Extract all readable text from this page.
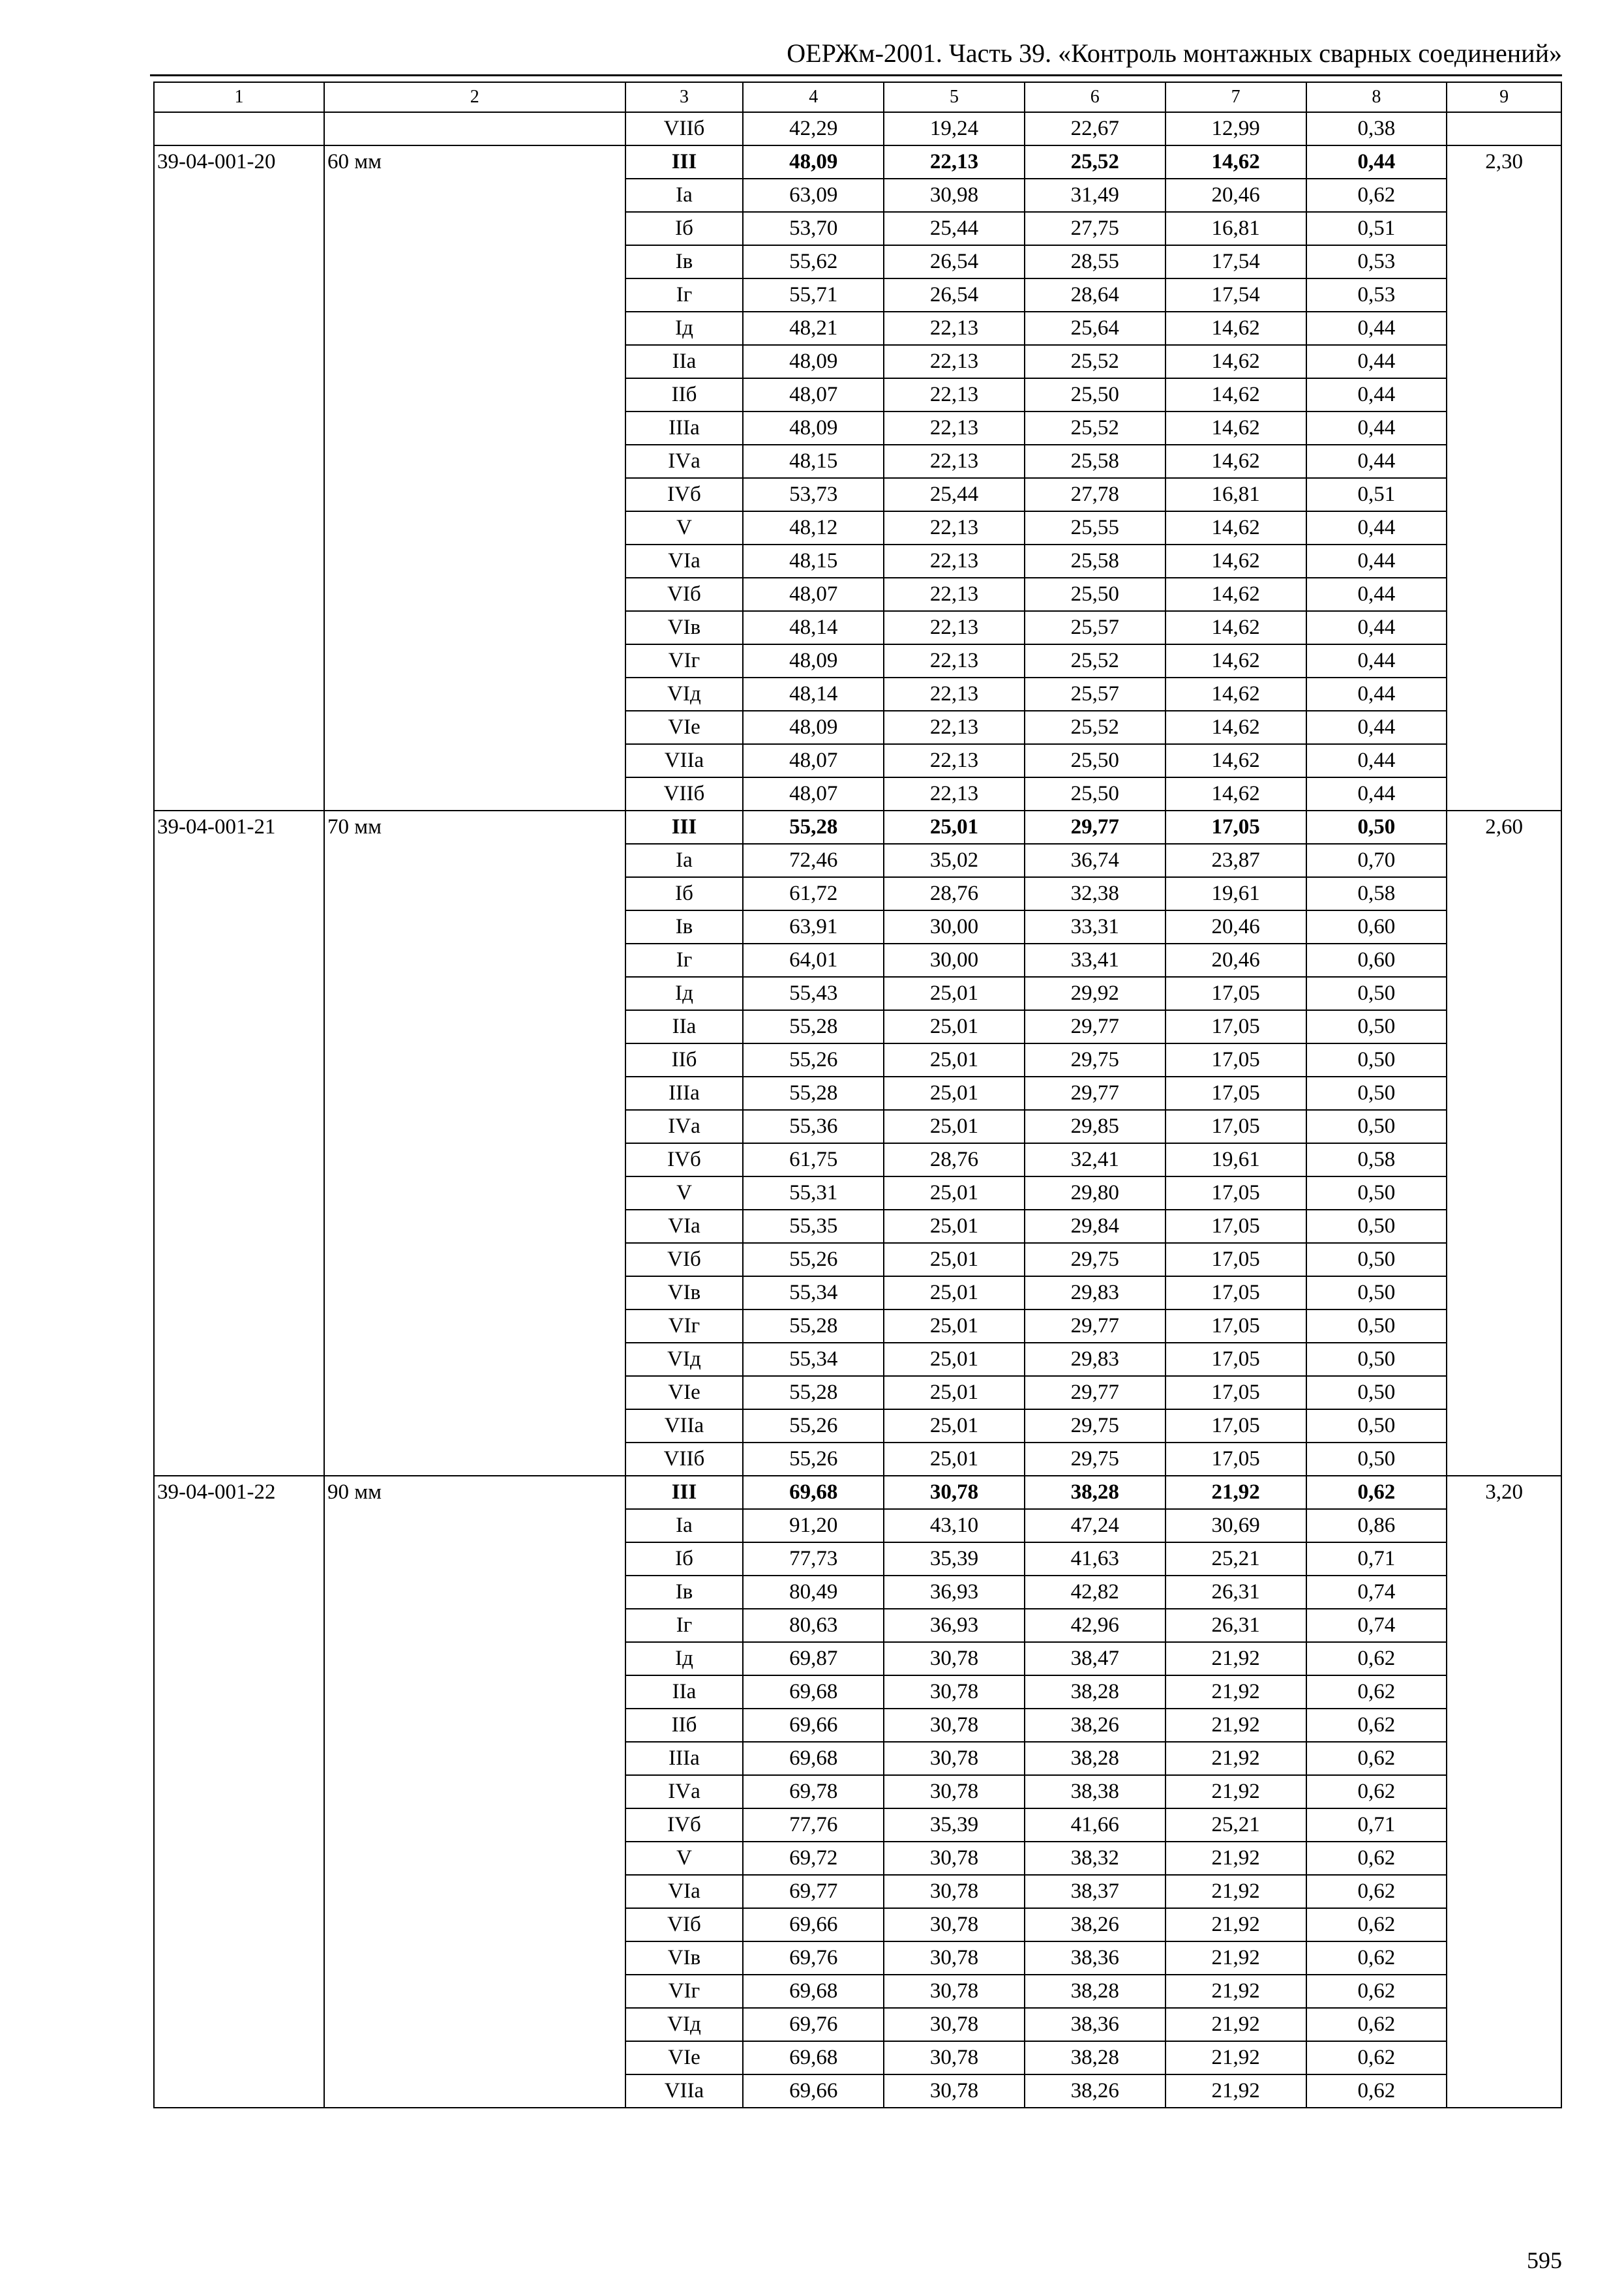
ОЕРЖм-2001. Часть 39. «Контроль монтажных сварных соединений»
1	2	3	4	5	6	7	8	9
		VIIб	42,29	19,24	22,67	12,99	0,38	
39-04-001-20	60 мм	III	48,09	22,13	25,52	14,62	0,44	2,30
		Iа	63,09	30,98	31,49	20,46	0,62	
		Iб	53,70	25,44	27,75	16,81	0,51	
		Iв	55,62	26,54	28,55	17,54	0,53	
		Iг	55,71	26,54	28,64	17,54	0,53	
		Iд	48,21	22,13	25,64	14,62	0,44	
		IIа	48,09	22,13	25,52	14,62	0,44	
		IIб	48,07	22,13	25,50	14,62	0,44	
		IIIа	48,09	22,13	25,52	14,62	0,44	
		IVа	48,15	22,13	25,58	14,62	0,44	
		IVб	53,73	25,44	27,78	16,81	0,51	
		V	48,12	22,13	25,55	14,62	0,44	
		VIа	48,15	22,13	25,58	14,62	0,44	
		VIб	48,07	22,13	25,50	14,62	0,44	
		VIв	48,14	22,13	25,57	14,62	0,44	
		VIг	48,09	22,13	25,52	14,62	0,44	
		VIд	48,14	22,13	25,57	14,62	0,44	
		VIе	48,09	22,13	25,52	14,62	0,44	
		VIIа	48,07	22,13	25,50	14,62	0,44	
		VIIб	48,07	22,13	25,50	14,62	0,44	
39-04-001-21	70 мм	III	55,28	25,01	29,77	17,05	0,50	2,60
		Iа	72,46	35,02	36,74	23,87	0,70	
		Iб	61,72	28,76	32,38	19,61	0,58	
		Iв	63,91	30,00	33,31	20,46	0,60	
		Iг	64,01	30,00	33,41	20,46	0,60	
		Iд	55,43	25,01	29,92	17,05	0,50	
		IIа	55,28	25,01	29,77	17,05	0,50	
		IIб	55,26	25,01	29,75	17,05	0,50	
		IIIа	55,28	25,01	29,77	17,05	0,50	
		IVа	55,36	25,01	29,85	17,05	0,50	
		IVб	61,75	28,76	32,41	19,61	0,58	
		V	55,31	25,01	29,80	17,05	0,50	
		VIа	55,35	25,01	29,84	17,05	0,50	
		VIб	55,26	25,01	29,75	17,05	0,50	
		VIв	55,34	25,01	29,83	17,05	0,50	
		VIг	55,28	25,01	29,77	17,05	0,50	
		VIд	55,34	25,01	29,83	17,05	0,50	
		VIе	55,28	25,01	29,77	17,05	0,50	
		VIIа	55,26	25,01	29,75	17,05	0,50	
		VIIб	55,26	25,01	29,75	17,05	0,50	
39-04-001-22	90 мм	III	69,68	30,78	38,28	21,92	0,62	3,20
		Iа	91,20	43,10	47,24	30,69	0,86	
		Iб	77,73	35,39	41,63	25,21	0,71	
		Iв	80,49	36,93	42,82	26,31	0,74	
		Iг	80,63	36,93	42,96	26,31	0,74	
		Iд	69,87	30,78	38,47	21,92	0,62	
		IIа	69,68	30,78	38,28	21,92	0,62	
		IIб	69,66	30,78	38,26	21,92	0,62	
		IIIа	69,68	30,78	38,28	21,92	0,62	
		IVа	69,78	30,78	38,38	21,92	0,62	
		IVб	77,76	35,39	41,66	25,21	0,71	
		V	69,72	30,78	38,32	21,92	0,62	
		VIа	69,77	30,78	38,37	21,92	0,62	
		VIб	69,66	30,78	38,26	21,92	0,62	
		VIв	69,76	30,78	38,36	21,92	0,62	
		VIг	69,68	30,78	38,28	21,92	0,62	
		VIд	69,76	30,78	38,36	21,92	0,62	
		VIе	69,68	30,78	38,28	21,92	0,62	
		VIIа	69,66	30,78	38,26	21,92	0,62	
595
